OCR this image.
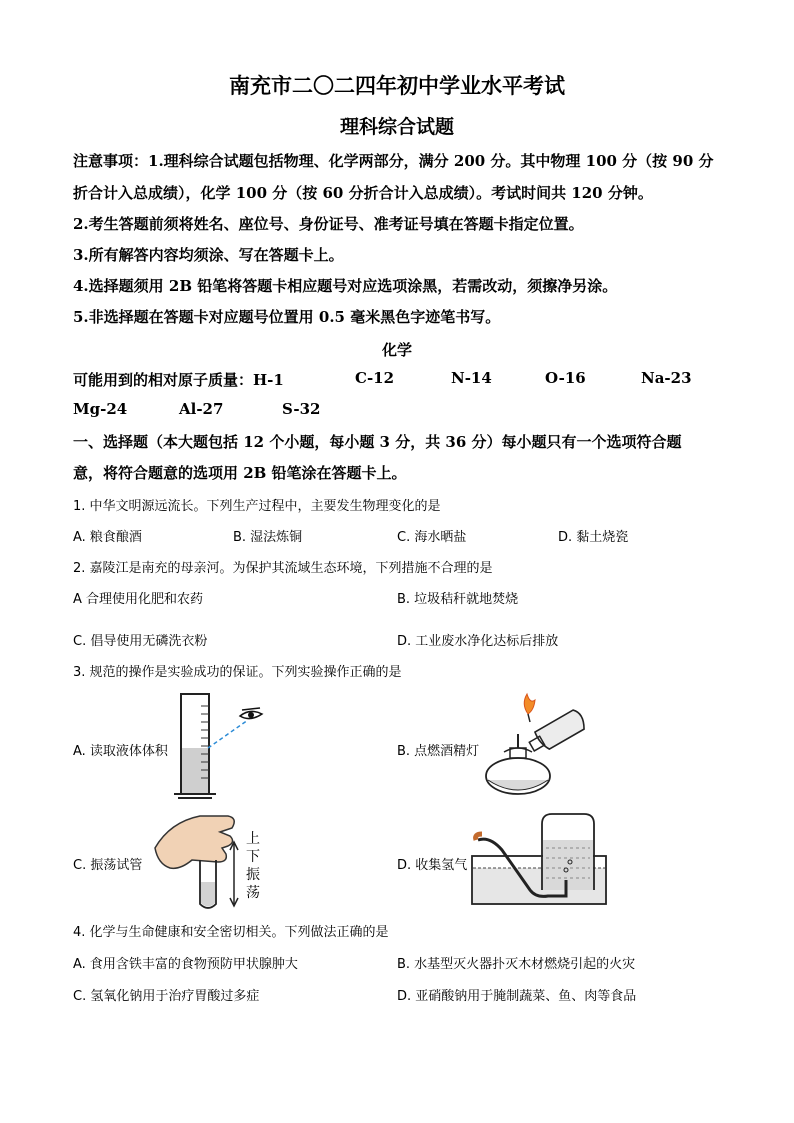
南充市二〇二四年初中学业水平考试
理科综合试题
注意事项：1.理科综合试题包括物理、化学两部分，满分 200 分。其中物理 100 分（按 90 分
折合计入总成绩），化学 100 分（按 60 分折合计入总成绩）。考试时间共 120 分钟。
2.考生答题前须将姓名、座位号、身份证号、准考证号填在答题卡指定位置。
3.所有解答内容均须涂、写在答题卡上。
4.选择题须用 2B 铅笔将答题卡相应题号对应选项涂黑，若需改动，须擦净另涂。
5.非选择题在答题卡对应题号位置用 0.5 毫米黑色字迹笔书写。
化学
可能用到的相对原子质量：H-1	C-12	N-14	O-16	Na-23
Mg-24	Al-27	S-32
一、选择题（本大题包括 12 个小题，每小题 3 分，共 36 分）每小题只有一个选项符合题
意，将符合题意的选项用 2B 铅笔涂在答题卡上。
1. 中华文明源远流长。下列生产过程中，主要发生物理变化的是
A. 粮食酿酒	B. 湿法炼铜	C. 海水晒盐	D. 黏土烧瓷
2. 嘉陵江是南充的母亲河。为保护其流域生态环境，下列措施不合理的是
A 合理使用化肥和农药	B. 垃圾秸秆就地焚烧
C. 倡导使用无磷洗衣粉	D. 工业废水净化达标后排放
3. 规范的操作是实验成功的保证。下列实验操作正确的是
A. 读取液体体积	B. 点燃酒精灯
C. 振荡试管	D. 收集氢气
上
下
振
荡
4. 化学与生命健康和安全密切相关。下列做法正确的是
A. 食用含铁丰富的食物预防甲状腺肿大	B. 水基型灭火器扑灭木材燃烧引起的火灾
C. 氢氧化钠用于治疗胃酸过多症	D. 亚硝酸钠用于腌制蔬菜、鱼、肉等食品
